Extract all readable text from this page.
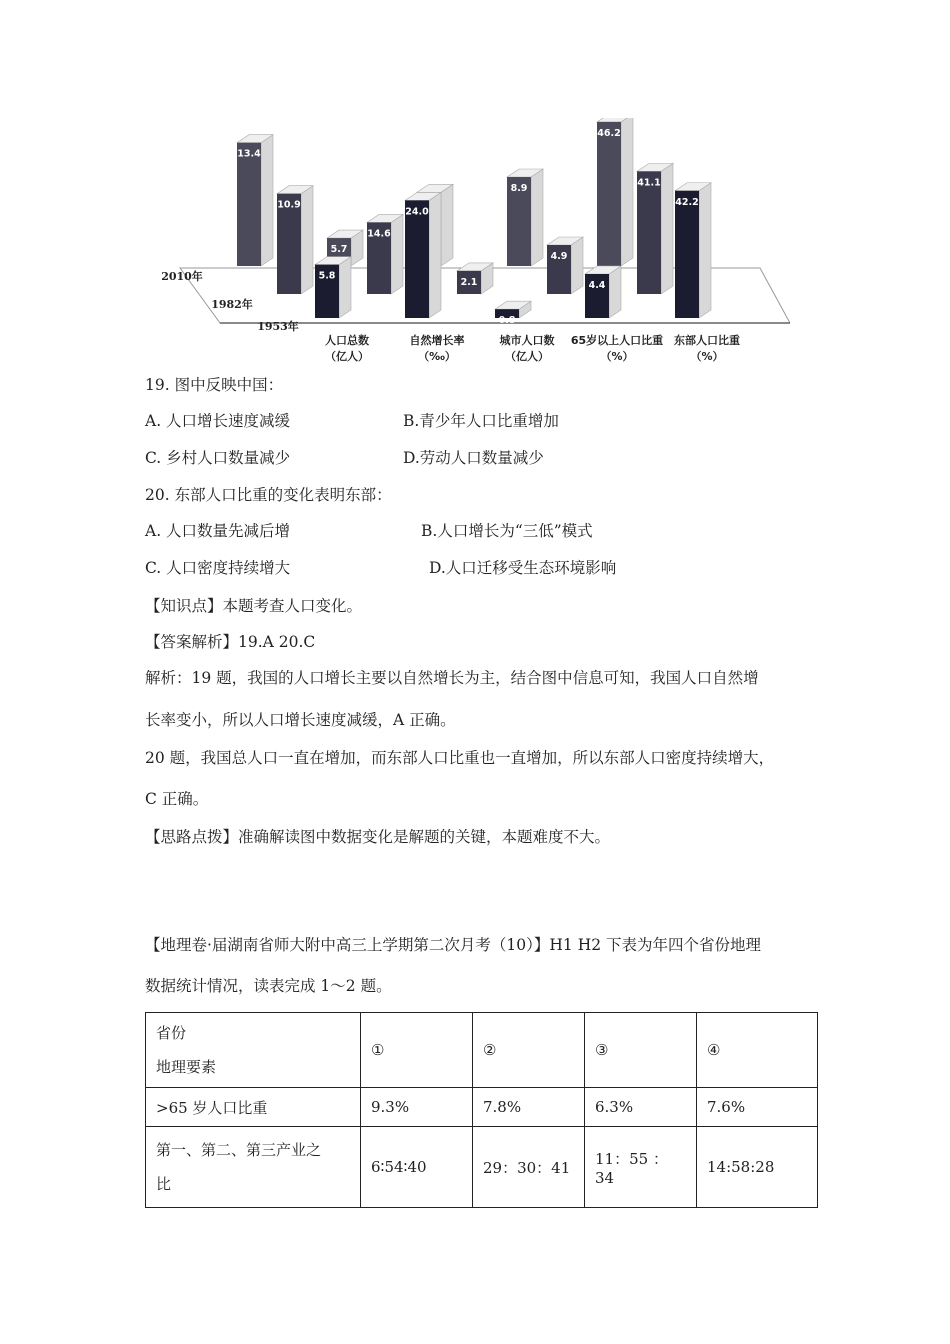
13.4
5.7
8.9
46.2
10.9
14.6
2.1
4.9
41.1
5.8
24.0
0.8
4.4
42.2
1953年
1982年
2010年
人口总数
（亿人）
自然增长率
（‰）
城市人口数
（亿人）
65岁以上人口比重
（%）
东部人口比重
（%）
19. 图中反映中国：
A. 人口增长速度减缓	B.青少年人口比重增加
C. 乡村人口数量减少	D.劳动人口数量减少
20. 东部人口比重的变化表明东部：
A. 人口数量先减后增	B.人口增长为“三低”模式
C. 人口密度持续增大	D.人口迁移受生态环境影响
【知识点】本题考查人口变化。
【答案解析】19.A 20.C
解析：19 题，我国的人口增长主要以自然增长为主，结合图中信息可知，我国人口自然增
长率变小，所以人口增长速度减缓，A 正确。
20 题，我国总人口一直在增加，而东部人口比重也一直增加，所以东部人口密度持续增大，
C 正确。
【思路点拨】准确解读图中数据变化是解题的关键，本题难度不大。
【地理卷·届湖南省师大附中高三上学期第二次月考（10）】H1 H2 下表为年四个省份地理
数据统计情况，读表完成 1～2 题。
省份
地理要素	①	②	③	④
>65 岁人口比重	9.3%	7.8%	6.3%	7.6%

第一、第二、第三产业之
比	6∶54∶40	29：30：41	11：55 ：34	14:58:28
